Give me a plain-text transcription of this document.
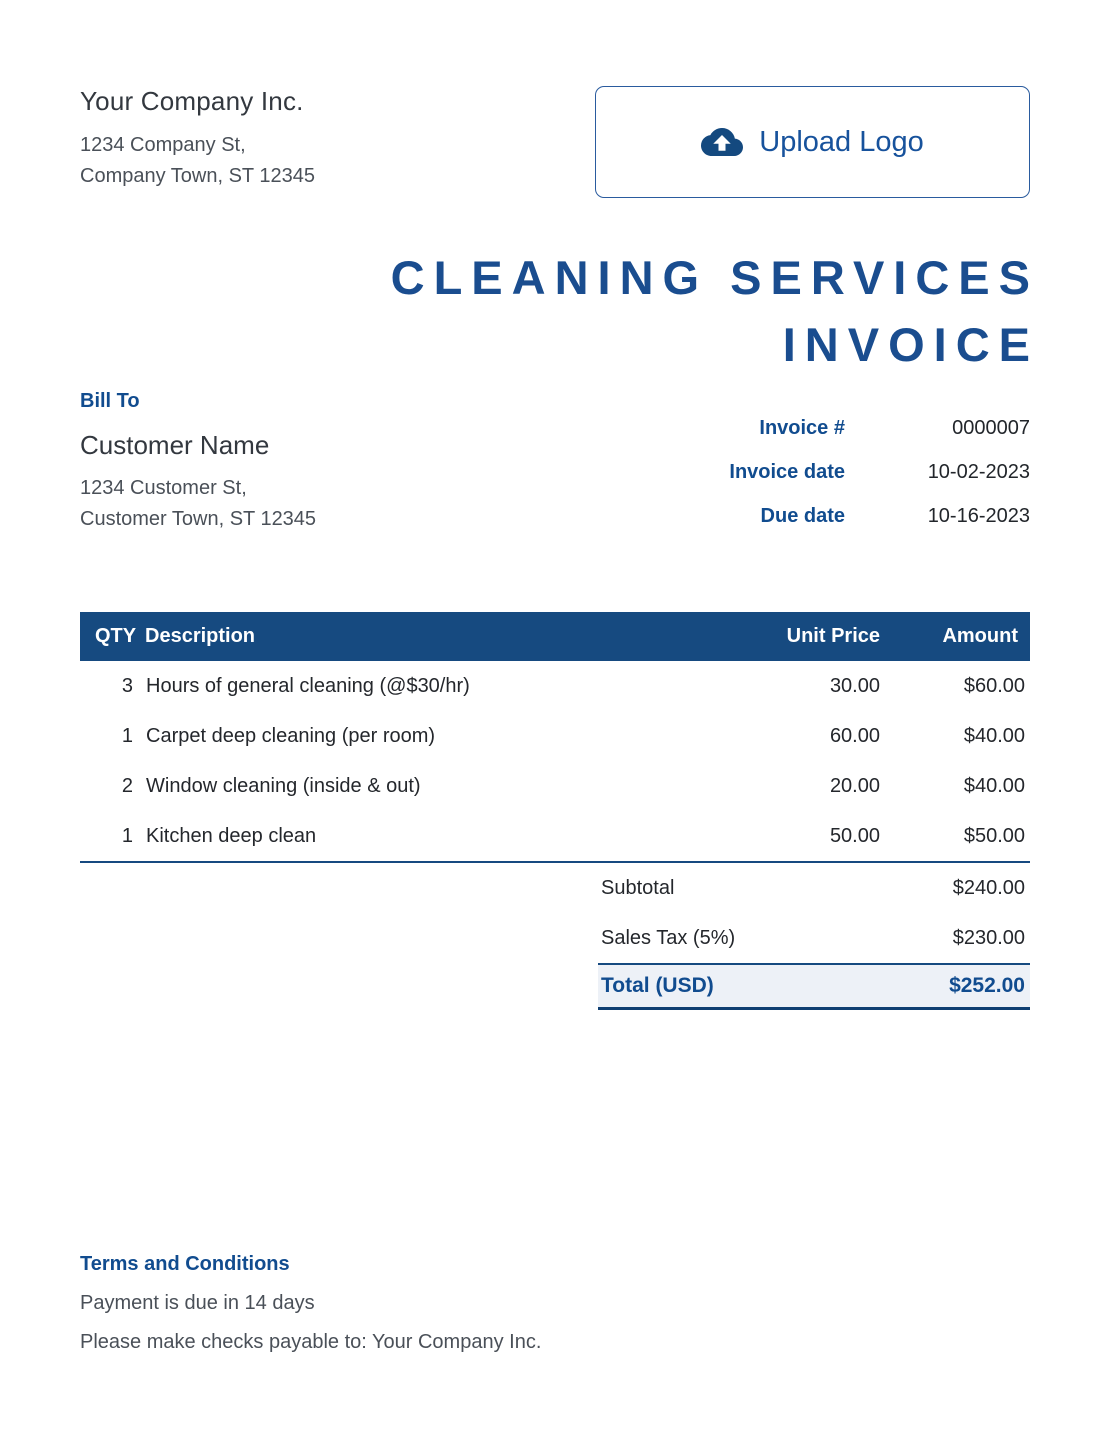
Your Company Inc.
1234 Company St,
Company Town, ST 12345
Upload Logo
CLEANING SERVICES
INVOICE
Bill To
Customer Name
1234 Customer St,
Customer Town, ST 12345
Invoice #	0000007
Invoice date	10-02-2023
Due date	10-16-2023
QTY Description	Unit Price	Amount
3 Hours of general cleaning (@$30/hr)	30.00	$60.00
1 Carpet deep cleaning (per room)	60.00	$40.00
2 Window cleaning (inside & out)	20.00	$40.00
1 Kitchen deep clean	50.00	$50.00
Subtotal	$240.00
Sales Tax (5%)	$230.00
Total (USD)	$252.00
Terms and Conditions
Payment is due in 14 days
Please make checks payable to: Your Company Inc.
